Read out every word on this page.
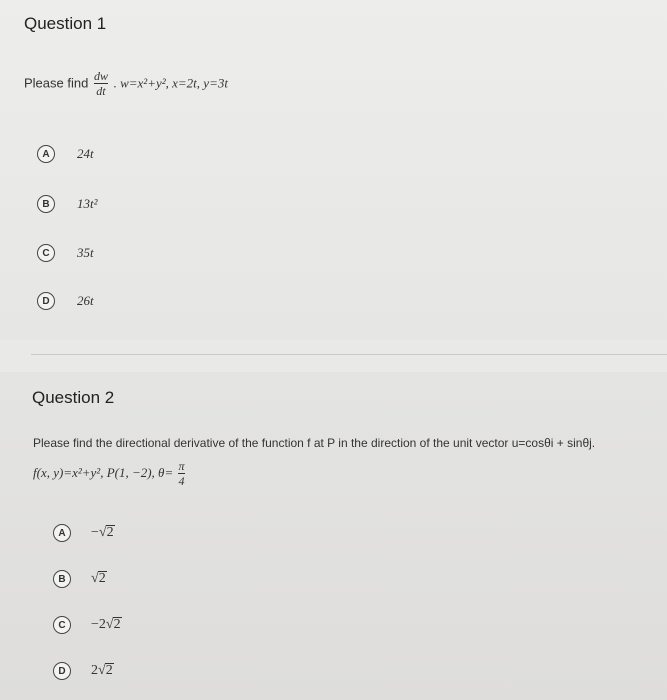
Question 1
Please find $\frac{dw}{dt}$ . w=x²+y², x=2t, y=3t
A	24t
B	13t²
C	35t
D	26t
Question 2
Please find the directional derivative of the function f at P in the direction of the unit vector u=cosθi + sinθj.
f(x, y)=x²+y², P(1, −2), $\theta= \frac{\pi}{4}$
A	−√2
B	√2
C	−2√2
D	2√2
